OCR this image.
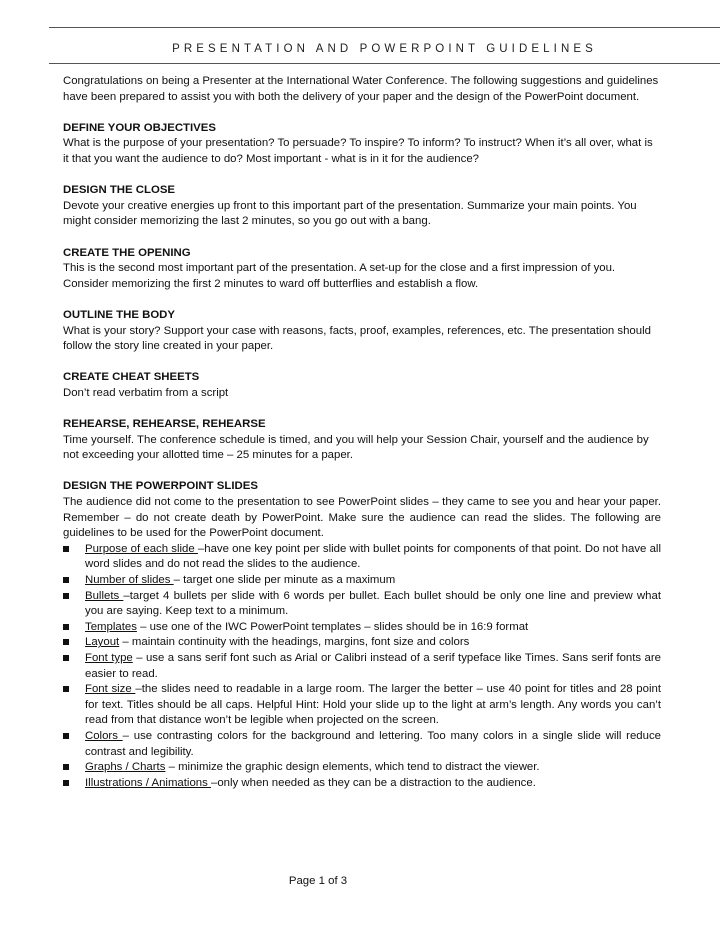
PRESENTATION AND POWERPOINT GUIDELINES

Congratulations on being a Presenter at the International Water Conference. The following suggestions and guidelines have been prepared to assist you with both the delivery of your paper and the design of the PowerPoint document.

DEFINE YOUR OBJECTIVES

What is the purpose of your presentation? To persuade? To inspire? To inform? To instruct? When it’s all over, what is it that you want the audience to do? Most important - what is in it for the audience?

DESIGN THE CLOSE

Devote your creative energies up front to this important part of the presentation. Summarize your main points. You might consider memorizing the last 2 minutes, so you go out with a bang.

CREATE THE OPENING

This is the second most important part of the presentation. A set-up for the close and a first impression of you. Consider memorizing the first 2 minutes to ward off butterflies and establish a flow.

OUTLINE THE BODY

What is your story? Support your case with reasons, facts, proof, examples, references, etc. The presentation should follow the story line created in your paper.

CREATE CHEAT SHEETS

Don’t read verbatim from a script

REHEARSE, REHEARSE, REHEARSE

Time yourself. The conference schedule is timed, and you will help your Session Chair, yourself and the audience by not exceeding your allotted time – 25 minutes for a paper.

DESIGN THE POWERPOINT SLIDES

The audience did not come to the presentation to see PowerPoint slides – they came to see you and hear your paper. Remember – do not create death by PowerPoint. Make sure the audience can read the slides. The following are guidelines to be used for the PowerPoint document.

Purpose of each slide –have one key point per slide with bullet points for components of that point. Do not have all word slides and do not read the slides to the audience.
Number of slides – target one slide per minute as a maximum
Bullets –target 4 bullets per slide with 6 words per bullet. Each bullet should be only one line and preview what you are saying. Keep text to a minimum.
Templates – use one of the IWC PowerPoint templates – slides should be in 16:9 format
Layout – maintain continuity with the headings, margins, font size and colors
Font type – use a sans serif font such as Arial or Calibri instead of a serif typeface like Times. Sans serif fonts are easier to read.
Font size –the slides need to readable in a large room. The larger the better – use 40 point for titles and 28 point for text. Titles should be all caps. Helpful Hint: Hold your slide up to the light at arm’s length. Any words you can’t read from that distance won’t be legible when projected on the screen.
Colors – use contrasting colors for the background and lettering. Too many colors in a single slide will reduce contrast and legibility.
Graphs / Charts – minimize the graphic design elements, which tend to distract the viewer.
Illustrations / Animations –only when needed as they can be a distraction to the audience.
Page 1 of 3
